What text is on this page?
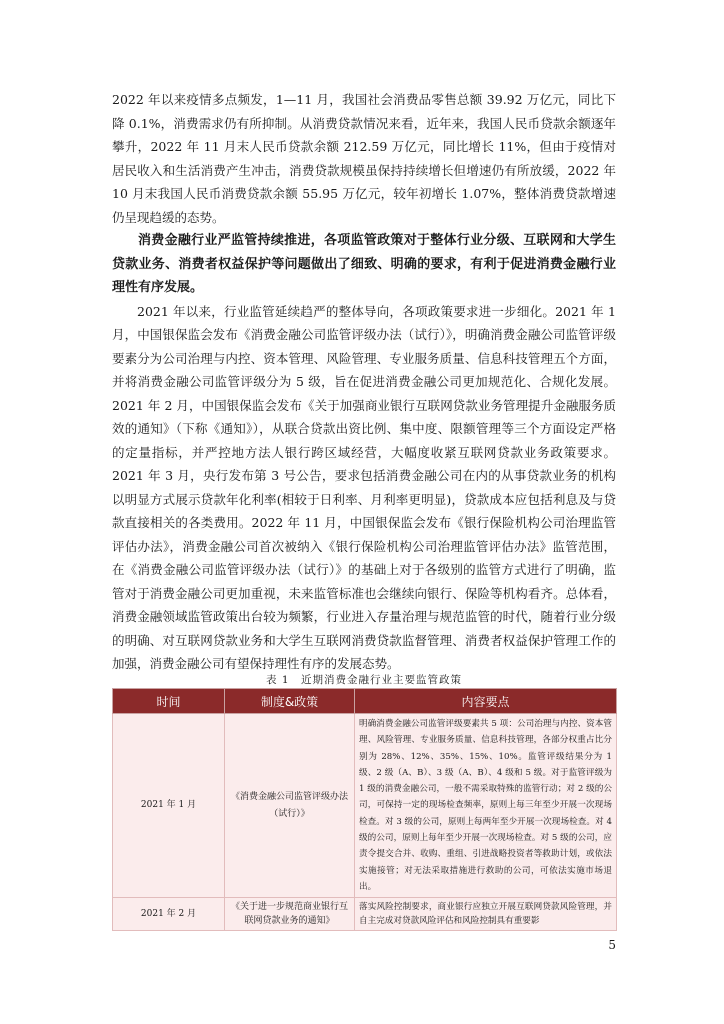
2022 年以来疫情多点频发，1—11 月，我国社会消费品零售总额 39.92 万亿元，同比下降 0.1%，消费需求仍有所抑制。从消费贷款情况来看，近年来，我国人民币贷款余额逐年攀升，2022 年 11 月末人民币贷款余额 212.59 万亿元，同比增长 11%，但由于疫情对居民收入和生活消费产生冲击，消费贷款规模虽保持持续增长但增速仍有所放缓，2022 年 10 月末我国人民币消费贷款余额 55.95 万亿元，较年初增长 1.07%，整体消费贷款增速仍呈现趋缓的态势。

消费金融行业严监管持续推进，各项监管政策对于整体行业分级、互联网和大学生贷款业务、消费者权益保护等问题做出了细致、明确的要求，有利于促进消费金融行业理性有序发展。

2021 年以来，行业监管延续趋严的整体导向，各项政策要求进一步细化。2021 年 1 月，中国银保监会发布《消费金融公司监管评级办法（试行）》，明确消费金融公司监管评级要素分为公司治理与内控、资本管理、风险管理、专业服务质量、信息科技管理五个方面，并将消费金融公司监管评级分为 5 级，旨在促进消费金融公司更加规范化、合规化发展。2021 年 2 月，中国银保监会发布《关于加强商业银行互联网贷款业务管理提升金融服务质效的通知》（下称《通知》），从联合贷款出资比例、集中度、限额管理等三个方面设定严格的定量指标，并严控地方法人银行跨区域经营，大幅度收紧互联网贷款业务政策要求。2021 年 3 月，央行发布第 3 号公告，要求包括消费金融公司在内的从事贷款业务的机构以明显方式展示贷款年化利率(相较于日利率、月利率更明显)，贷款成本应包括利息及与贷款直接相关的各类费用。2022 年 11 月，中国银保监会发布《银行保险机构公司治理监管评估办法》，消费金融公司首次被纳入《银行保险机构公司治理监管评估办法》监管范围，在《消费金融公司监管评级办法（试行）》的基础上对于各级别的监管方式进行了明确，监管对于消费金融公司更加重视，未来监管标准也会继续向银行、保险等机构看齐。总体看，消费金融领域监管政策出台较为频繁，行业进入存量治理与规范监管的时代，随着行业分级的明确、对互联网贷款业务和大学生互联网消费贷款监督管理、消费者权益保护管理工作的加强，消费金融公司有望保持理性有序的发展态势。

表 1　近期消费金融行业主要监管政策
时间	制度&政策	内容要点
2021 年 1 月	《消费金融公司监管评级办法（试行）》	明确消费金融公司监管评级要素共 5 项：公司治理与内控、资本管理、风险管理、专业服务质量、信息科技管理，各部分权重占比分别为 28%、12%、35%、15%、10%。监管评级结果分为 1 级、2 级（A、B）、3 级（A、B）、4 级和 5 级。对于监管评级为 1 级的消费金融公司，一般不需采取特殊的监管行动；对 2 级的公司，可保持一定的现场检查频率，原则上每三年至少开展一次现场检查。对 3 级的公司，原则上每两年至少开展一次现场检查。对 4 级的公司，原则上每年至少开展一次现场检查。对 5 级的公司，应责令提交合并、收购、重组、引进战略投资者等救助计划，或依法实施接管；对无法采取措施进行救助的公司，可依法实施市场退出。
2021 年 2 月	《关于进一步规范商业银行互联网贷款业务的通知》	落实风险控制要求，商业银行应独立开展互联网贷款风险管理，并自主完成对贷款风险评估和风险控制具有重要影
5
